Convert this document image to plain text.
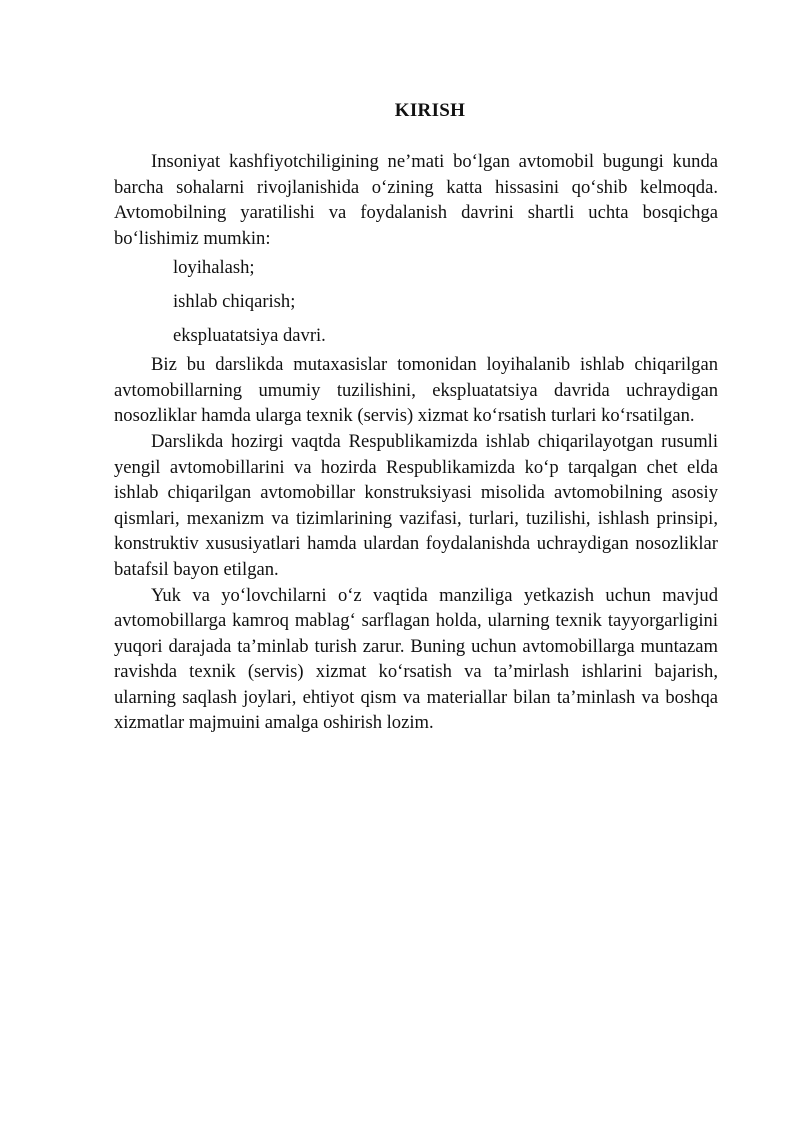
KIRISH

Insoniyat kashfiyotchiligining ne’mati bo‘lgan avtomobil bugungi kunda barcha sohalarni rivojlanishida o‘zining katta hissasini qo‘shib kelmoqda. Avtomobilning yaratilishi va foydalanish davrini shartli uchta bosqichga bo‘lishimiz mumkin:

loyihalash;

ishlab chiqarish;

ekspluatatsiya davri.

Biz bu darslikda mutaxasislar tomonidan loyihalanib ishlab chiqarilgan avtomobillarning umumiy tuzilishini, ekspluatatsiya davrida uchraydigan nosozliklar hamda ularga texnik (servis) xizmat ko‘rsatish turlari ko‘rsatilgan.

Darslikda hozirgi vaqtda Respublikamizda ishlab chiqarilayotgan rusumli yengil avtomobillarini va hozirda Respublikamizda ko‘p tarqalgan chet elda ishlab chiqarilgan avtomobillar konstruksiyasi misolida avtomobilning asosiy qismlari, mexanizm va tizimlarining vazifasi, turlari, tuzilishi, ishlash prinsipi, konstruktiv xususiyatlari hamda ulardan foydalanishda uchraydigan nosozliklar batafsil bayon etilgan.

Yuk va yo‘lovchilarni o‘z vaqtida manziliga yetkazish uchun mavjud avtomobillarga kamroq mablag‘ sarflagan holda, ularning texnik tayyorgarligini yuqori darajada ta’minlab turish zarur. Buning uchun avtomobillarga muntazam ravishda texnik (servis) xizmat ko‘rsatish va ta’mirlash ishlarini bajarish, ularning saqlash joylari, ehtiyot qism va materiallar bilan ta’minlash va boshqa xizmatlar majmuini amalga oshirish lozim.
